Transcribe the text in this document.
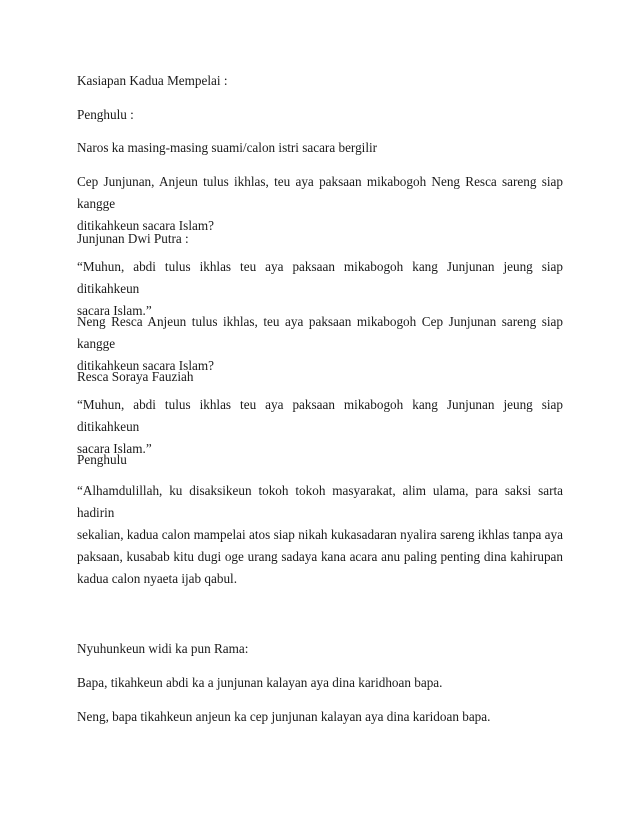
Kasiapan Kadua Mempelai :
Penghulu :
Naros ka masing-masing suami/calon istri sacara bergilir
Cep Junjunan, Anjeun tulus ikhlas, teu aya paksaan mikabogoh Neng Resca sareng siap kangge
ditikahkeun sacara Islam?
Junjunan Dwi Putra :
“Muhun, abdi tulus ikhlas teu aya paksaan mikabogoh kang Junjunan jeung siap ditikahkeun
sacara Islam.”
Neng Resca Anjeun tulus ikhlas, teu aya paksaan mikabogoh Cep Junjunan sareng siap kangge
ditikahkeun sacara Islam?
Resca Soraya Fauziah
“Muhun, abdi tulus ikhlas teu aya paksaan mikabogoh kang Junjunan jeung siap ditikahkeun
sacara Islam.”
Penghulu
“Alhamdulillah, ku disaksikeun tokoh tokoh masyarakat, alim ulama, para saksi sarta hadirin
sekalian, kadua calon mampelai atos siap nikah kukasadaran nyalira sareng ikhlas tanpa aya
paksaan, kusabab kitu dugi oge urang sadaya kana acara anu paling penting dina kahirupan
kadua calon nyaeta ijab qabul.
Nyuhunkeun widi ka pun Rama:
Bapa, tikahkeun abdi ka a junjunan kalayan aya dina karidhoan bapa.
Neng, bapa tikahkeun anjeun ka cep junjunan kalayan aya dina karidoan bapa.
